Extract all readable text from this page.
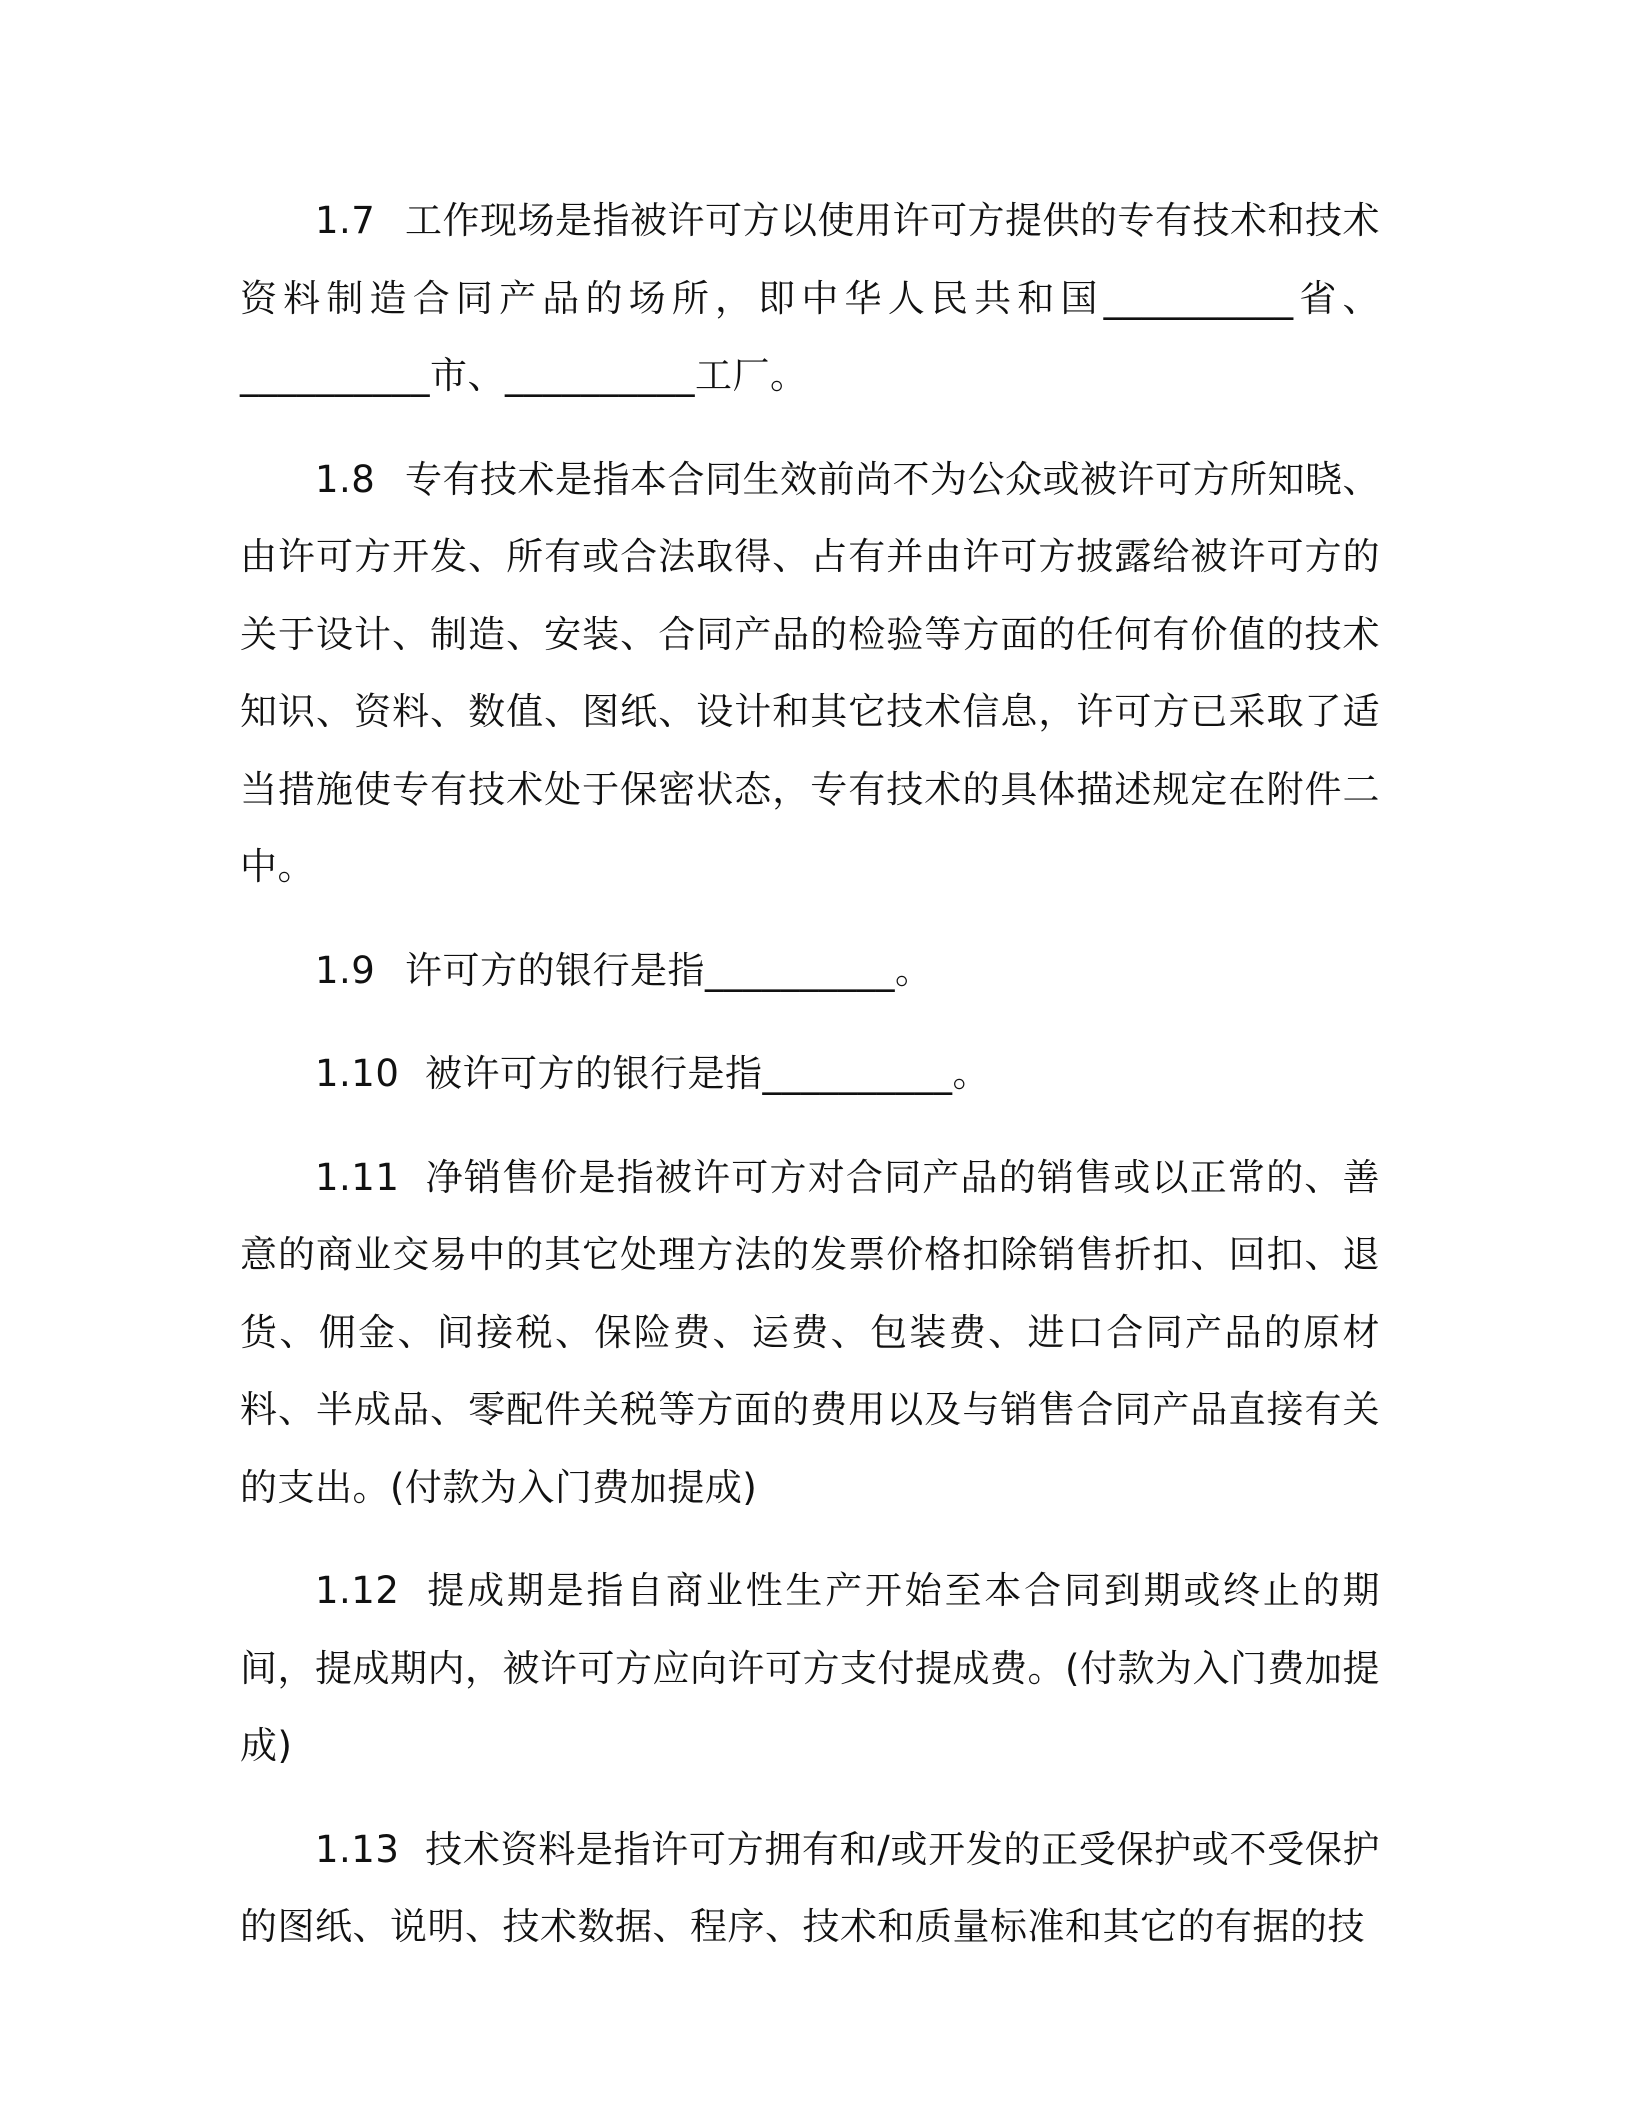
1.7 工作现场是指被许可方以使用许可方提供的专有技术和技术资料制造合同产品的场所，即中华人民共和国__________省、__________市、__________工厂。

1.8 专有技术是指本合同生效前尚不为公众或被许可方所知晓、由许可方开发、所有或合法取得、占有并由许可方披露给被许可方的关于设计、制造、安装、合同产品的检验等方面的任何有价值的技术知识、资料、数值、图纸、设计和其它技术信息，许可方已采取了适当措施使专有技术处于保密状态，专有技术的具体描述规定在附件二中。

1.9 许可方的银行是指__________。

1.10 被许可方的银行是指__________。

1.11 净销售价是指被许可方对合同产品的销售或以正常的、善意的商业交易中的其它处理方法的发票价格扣除销售折扣、回扣、退货、佣金、间接税、保险费、运费、包装费、进口合同产品的原材料、半成品、零配件关税等方面的费用以及与销售合同产品直接有关的支出。(付款为入门费加提成)

1.12 提成期是指自商业性生产开始至本合同到期或终止的期间，提成期内，被许可方应向许可方支付提成费。(付款为入门费加提成)

1.13 技术资料是指许可方拥有和/或开发的正受保护或不受保护的图纸、说明、技术数据、程序、技术和质量标准和其它的有据的技
